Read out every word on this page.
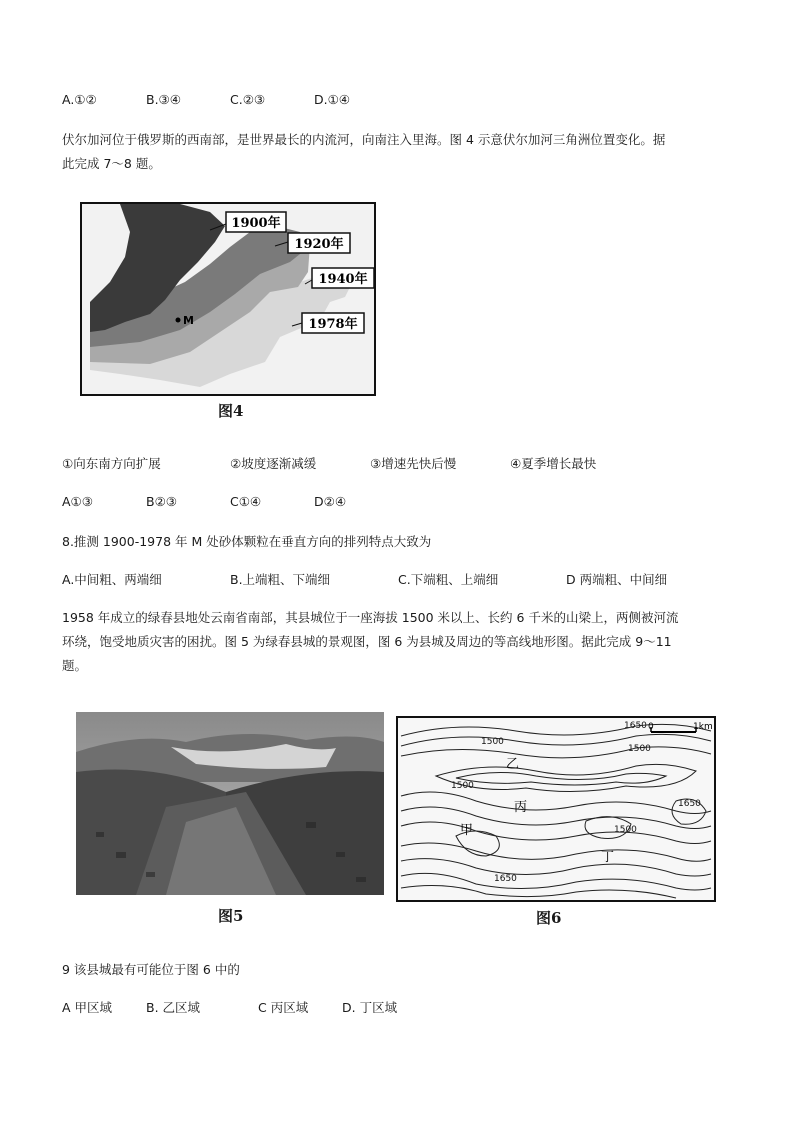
A.①②	B.③④	C.②③	D.①④
伏尔加河位于俄罗斯的西南部，是世界最长的内流河，向南注入里海。图 4 示意伏尔加河三角洲位置变化。据
此完成 7～8 题。
1900年
1920年
1940年
1978年
M
图4
①向东南方向扩展	②坡度逐渐减缓	③增速先快后慢	④夏季增长最快
A①③	B②③	C①④	D②④
8.推测 1900-1978 年 M 处砂体颗粒在垂直方向的排列特点大致为
A.中间粗、两端细	B.上端粗、下端细	C.下端粗、上端细	D 两端粗、中间细
1958 年成立的绿春县地处云南省南部，其县城位于一座海拔 1500 米以上、长约 6 千米的山梁上，两侧被河流
环绕，饱受地质灾害的困扰。图 5 为绿春县城的景观图，图 6 为县城及周边的等高线地形图。据此完成 9～11
题。
图5
0	1km
1650
1500
1500
1500
1650
1500
1650
乙
丙
甲
丁
图6
9 该县城最有可能位于图 6 中的
A 甲区域	B. 乙区域	C 丙区域	D. 丁区域
